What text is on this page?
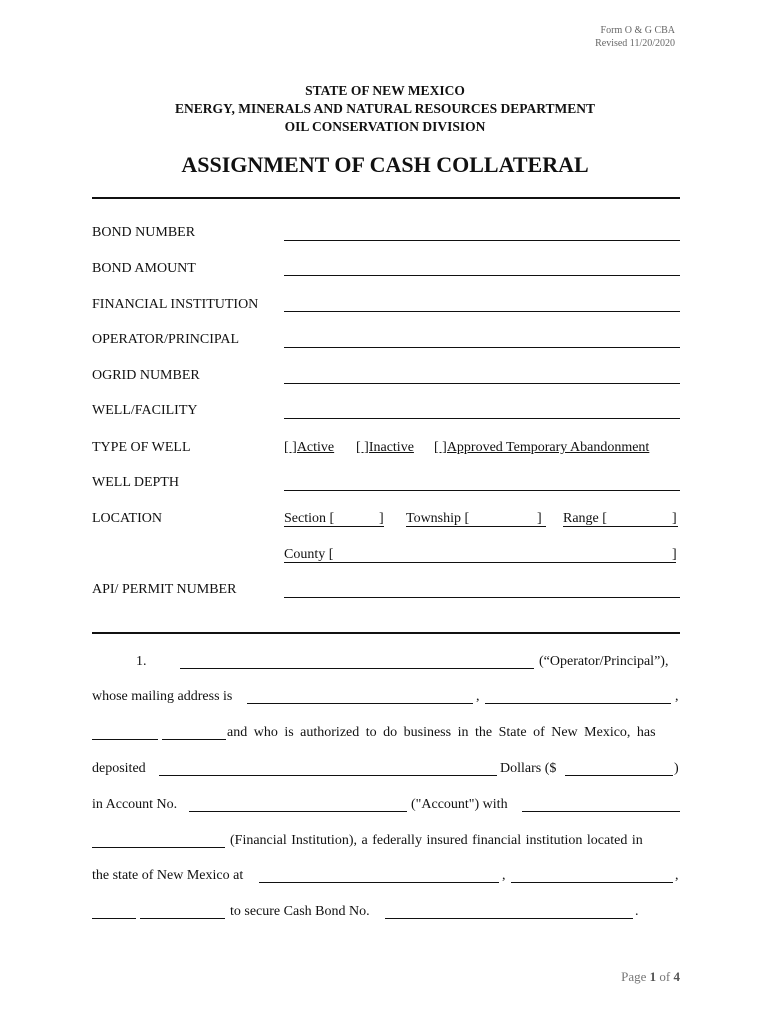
Form O & G CBA
Revised 11/20/2020
STATE OF NEW MEXICO
ENERGY, MINERALS AND NATURAL RESOURCES DEPARTMENT
OIL CONSERVATION DIVISION
ASSIGNMENT OF CASH COLLATERAL
BOND NUMBER
BOND AMOUNT
FINANCIAL INSTITUTION
OPERATOR/PRINCIPAL
OGRID NUMBER
WELL/FACILITY
TYPE OF WELL	[ ]Active [ ]Inactive [ ]Approved Temporary Abandonment
WELL DEPTH
LOCATION	Section [	] Township [	] Range [	]
County [	]
API/ PERMIT NUMBER
1.	(“Operator/Principal”),
whose mailing address is	,	,
and who is authorized to do business in the State of New Mexico, has
deposited	Dollars ($	)
in Account No.	("Account") with
(Financial Institution), a federally insured financial institution located in
the state of New Mexico at	,	,
to secure Cash Bond No.	.
Page 1 of 4
